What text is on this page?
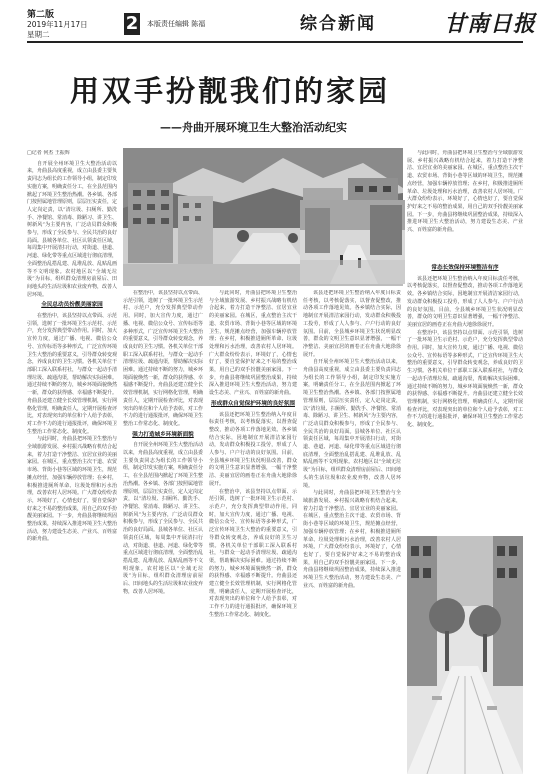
第二版
2019年11月17日
星期二
2 本版责任编辑 陈福	综合新闻	甘南日报
用双手扮靓我们的家园
——舟曲开展环境卫生大整治活动纪实
□记者 何杰 王振辉

自开展全州环境卫生大整治活动以来，舟曲县高度重视，成立由县委主要负责同志为组长的工作领导小组，制定印发实施方案，明确责任分工，在全县范围内掀起了环境卫生整治热潮。各乡镇、各部门按照属地管理原则，层层压实责任，定人定岗定责，以“清垃圾、扫厕所、勤洗手、净餐馆、常消毒、除陋习、讲卫生、树新风”为主要内容，广泛动员群众积极参与，形成了全民参与、全民共治的良好局面。县城各单位、社区认领责任区域，每周集中开展清扫行动，对街道、巷道、河道、绿化带等重点区域进行彻底清理，全面整治乱搭乱建、乱堆乱放、乱贴乱画等不文明现象。农村地区以“全域无垃圾”为目标，组织群众清理房前屋后、田间地头的生活垃圾和农业废弃物，改善人居环境。

全民总动员扮靓美丽家园

在整治中，该县坚持以点带面、示范引领，选树了一批环境卫生示范村、示范户，充分发挥典型带动作用。同时，加大宣传力度，通过广播、电视、微信公众号、宣传标语等多种形式，广泛宣传环境卫生大整治的重要意义，引导群众转变观念，养成良好的卫生习惯。各机关单位干部职工深入联系村社，与群众一起动手清理垃圾、疏通沟渠，帮助解决实际困难。通过持续不断的努力，城乡环境面貌焕然一新，群众的获得感、幸福感不断提升。舟曲县还建立健全长效管理机制，实行网格化管理，明确责任人，定期开展检查评比，对表现突出的单位和个人给予表彰，对工作不力的进行通报批评，确保环境卫生整治工作常态化、制度化。

与此同时，舟曲县把环境卫生整治与全域旅游发展、乡村振兴战略有机结合起来，着力打造干净整洁、宜居宜业的美丽家园。在城区，重点整治主次干道、农贸市场、背街小巷等区域的环境卫生，规范摊点经营，加强车辆停放管理；在乡村，积极推进厕所革命、垃圾处理和污水治理，改善农村人居环境。广大群众纷纷表示，环境好了，心情也好了，要自觉保护好来之不易的整治成果，用自己的双手扮靓美丽家园。下一步，舟曲县将继续巩固整治成果，持续深入推进环境卫生大整治活动，努力建设生态美、产业兴、百姓富的新舟曲。

在整治中，该县坚持以点带面、示范引领，选树了一批环境卫生示范村、示范户，充分发挥典型带动作用。同时，加大宣传力度，通过广播、电视、微信公众号、宣传标语等多种形式，广泛宣传环境卫生大整治的重要意义，引导群众转变观念，养成良好的卫生习惯。各机关单位干部职工深入联系村社，与群众一起动手清理垃圾、疏通沟渠，帮助解决实际困难。通过持续不断的努力，城乡环境面貌焕然一新，群众的获得感、幸福感不断提升。舟曲县还建立健全长效管理机制，实行网格化管理，明确责任人，定期开展检查评比，对表现突出的单位和个人给予表彰，对工作不力的进行通报批评，确保环境卫生整治工作常态化、制度化。

强力打造城乡环境新面貌

自开展全州环境卫生大整治活动以来，舟曲县高度重视，成立由县委主要负责同志为组长的工作领导小组，制定印发实施方案，明确责任分工，在全县范围内掀起了环境卫生整治热潮。各乡镇、各部门按照属地管理原则，层层压实责任，定人定岗定责，以“清垃圾、扫厕所、勤洗手、净餐馆、常消毒、除陋习、讲卫生、树新风”为主要内容，广泛动员群众积极参与，形成了全民参与、全民共治的良好局面。县城各单位、社区认领责任区域，每周集中开展清扫行动，对街道、巷道、河道、绿化带等重点区域进行彻底清理，全面整治乱搭乱建、乱堆乱放、乱贴乱画等不文明现象。农村地区以“全域无垃圾”为目标，组织群众清理房前屋后、田间地头的生活垃圾和农业废弃物，改善人居环境。

与此同时，舟曲县把环境卫生整治与全域旅游发展、乡村振兴战略有机结合起来，着力打造干净整洁、宜居宜业的美丽家园。在城区，重点整治主次干道、农贸市场、背街小巷等区域的环境卫生，规范摊点经营，加强车辆停放管理；在乡村，积极推进厕所革命、垃圾处理和污水治理，改善农村人居环境。广大群众纷纷表示，环境好了，心情也好了，要自觉保护好来之不易的整治成果，用自己的双手扮靓美丽家园。下一步，舟曲县将继续巩固整治成果，持续深入推进环境卫生大整治活动，努力建设生态美、产业兴、百姓富的新舟曲。

形成群众自觉保护环境的良好氛围

该县还把环境卫生整治纳入年度目标责任考核，以考核促落实，以督查促整改，推动各项工作落地见效。各乡镇结合实际，因地制宜开展清洁家园行动，发动群众积极投工投劳，形成了人人参与、户户行动的良好氛围。目前，全县城乡环境卫生状况明显改善，群众的文明卫生意识显著增强，一幅干净整洁、美丽宜居的画卷正在舟曲大地徐徐展开。

在整治中，该县坚持以点带面、示范引领，选树了一批环境卫生示范村、示范户，充分发挥典型带动作用。同时，加大宣传力度，通过广播、电视、微信公众号、宣传标语等多种形式，广泛宣传环境卫生大整治的重要意义，引导群众转变观念，养成良好的卫生习惯。各机关单位干部职工深入联系村社，与群众一起动手清理垃圾、疏通沟渠，帮助解决实际困难。通过持续不断的努力，城乡环境面貌焕然一新，群众的获得感、幸福感不断提升。舟曲县还建立健全长效管理机制，实行网格化管理，明确责任人，定期开展检查评比，对表现突出的单位和个人给予表彰，对工作不力的进行通报批评，确保环境卫生整治工作常态化、制度化。

该县还把环境卫生整治纳入年度目标责任考核，以考核促落实，以督查促整改，推动各项工作落地见效。各乡镇结合实际，因地制宜开展清洁家园行动，发动群众积极投工投劳，形成了人人参与、户户行动的良好氛围。目前，全县城乡环境卫生状况明显改善，群众的文明卫生意识显著增强，一幅干净整洁、美丽宜居的画卷正在舟曲大地徐徐展开。

自开展全州环境卫生大整治活动以来，舟曲县高度重视，成立由县委主要负责同志为组长的工作领导小组，制定印发实施方案，明确责任分工，在全县范围内掀起了环境卫生整治热潮。各乡镇、各部门按照属地管理原则，层层压实责任，定人定岗定责，以“清垃圾、扫厕所、勤洗手、净餐馆、常消毒、除陋习、讲卫生、树新风”为主要内容，广泛动员群众积极参与，形成了全民参与、全民共治的良好局面。县城各单位、社区认领责任区域，每周集中开展清扫行动，对街道、巷道、河道、绿化带等重点区域进行彻底清理，全面整治乱搭乱建、乱堆乱放、乱贴乱画等不文明现象。农村地区以“全域无垃圾”为目标，组织群众清理房前屋后、田间地头的生活垃圾和农业废弃物，改善人居环境。

与此同时，舟曲县把环境卫生整治与全域旅游发展、乡村振兴战略有机结合起来，着力打造干净整洁、宜居宜业的美丽家园。在城区，重点整治主次干道、农贸市场、背街小巷等区域的环境卫生，规范摊点经营，加强车辆停放管理；在乡村，积极推进厕所革命、垃圾处理和污水治理，改善农村人居环境。广大群众纷纷表示，环境好了，心情也好了，要自觉保护好来之不易的整治成果，用自己的双手扮靓美丽家园。下一步，舟曲县将继续巩固整治成果，持续深入推进环境卫生大整治活动，努力建设生态美、产业兴、百姓富的新舟曲。

与此同时，舟曲县把环境卫生整治与全域旅游发展、乡村振兴战略有机结合起来，着力打造干净整洁、宜居宜业的美丽家园。在城区，重点整治主次干道、农贸市场、背街小巷等区域的环境卫生，规范摊点经营，加强车辆停放管理；在乡村，积极推进厕所革命、垃圾处理和污水治理，改善农村人居环境。广大群众纷纷表示，环境好了，心情也好了，要自觉保护好来之不易的整治成果，用自己的双手扮靓美丽家园。下一步，舟曲县将继续巩固整治成果，持续深入推进环境卫生大整治活动，努力建设生态美、产业兴、百姓富的新舟曲。

常态长效保持环境整洁有序

该县还把环境卫生整治纳入年度目标责任考核，以考核促落实，以督查促整改，推动各项工作落地见效。各乡镇结合实际，因地制宜开展清洁家园行动，发动群众积极投工投劳，形成了人人参与、户户行动的良好氛围。目前，全县城乡环境卫生状况明显改善，群众的文明卫生意识显著增强，一幅干净整洁、美丽宜居的画卷正在舟曲大地徐徐展开。

在整治中，该县坚持以点带面、示范引领，选树了一批环境卫生示范村、示范户，充分发挥典型带动作用。同时，加大宣传力度，通过广播、电视、微信公众号、宣传标语等多种形式，广泛宣传环境卫生大整治的重要意义，引导群众转变观念，养成良好的卫生习惯。各机关单位干部职工深入联系村社，与群众一起动手清理垃圾、疏通沟渠，帮助解决实际困难。通过持续不断的努力，城乡环境面貌焕然一新，群众的获得感、幸福感不断提升。舟曲县还建立健全长效管理机制，实行网格化管理，明确责任人，定期开展检查评比，对表现突出的单位和个人给予表彰，对工作不力的进行通报批评，确保环境卫生整治工作常态化、制度化。
